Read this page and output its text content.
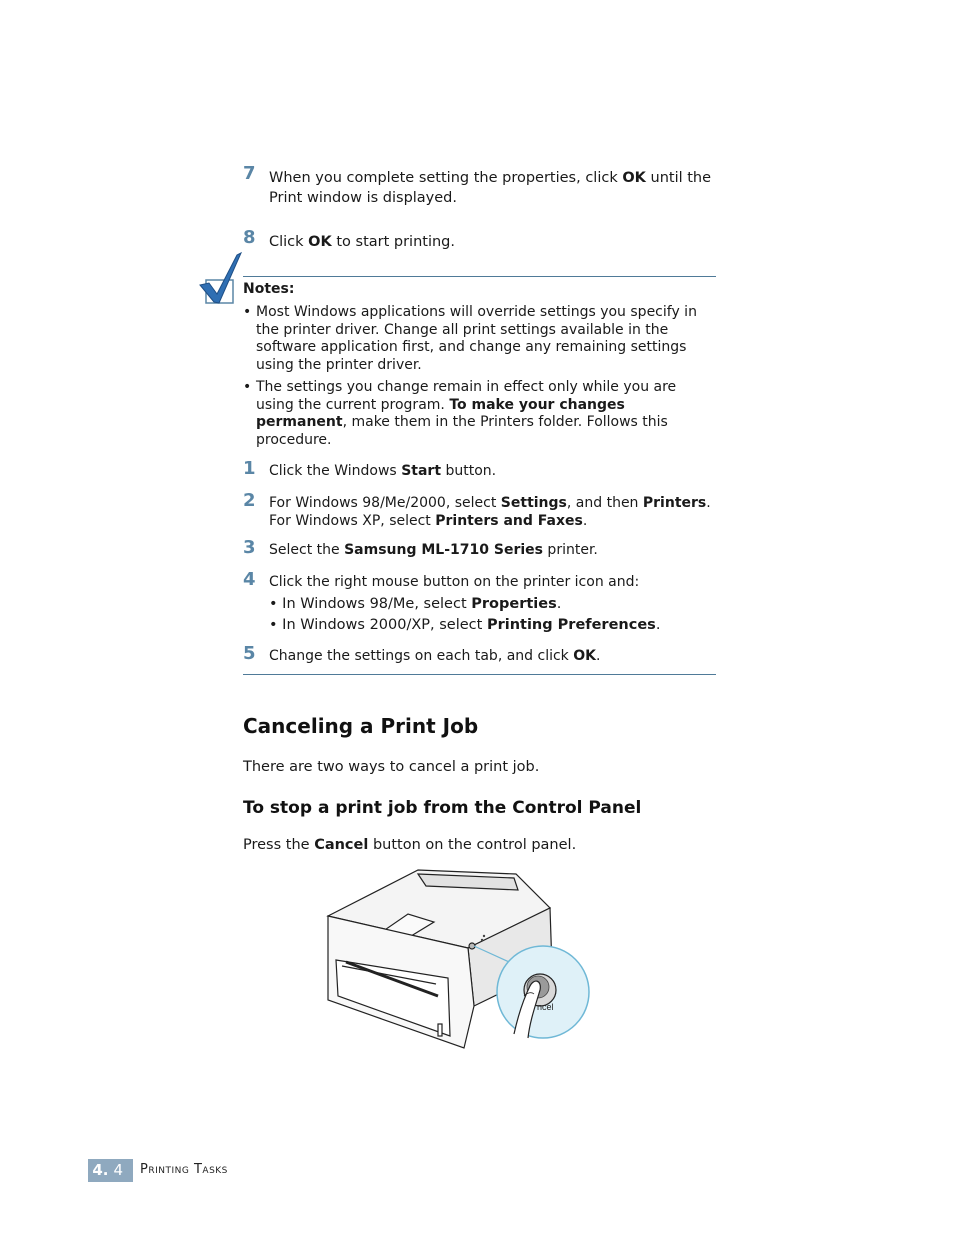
7 When you complete setting the properties, click OK until the Print window is displayed.
8 Click OK to start printing.
Notes:
• Most Windows applications will override settings you specify in the printer driver. Change all print settings available in the software application first, and change any remaining settings using the printer driver.
• The settings you change remain in effect only while you are using the current program. To make your changes permanent, make them in the Printers folder. Follows this procedure.
1 Click the Windows Start button.
2 For Windows 98/Me/2000, select Settings, and then Printers.
For Windows XP, select Printers and Faxes.
3 Select the Samsung ML-1710 Series printer.
4 Click the right mouse button on the printer icon and:
• In Windows 98/Me, select Properties.
• In Windows 2000/XP, select Printing Preferences.
5 Change the settings on each tab, and click OK.
Canceling a Print Job
There are two ways to cancel a print job.
To stop a print job from the Control Panel
Press the Cancel button on the control panel.
ncel
4. 4	Printing Tasks
